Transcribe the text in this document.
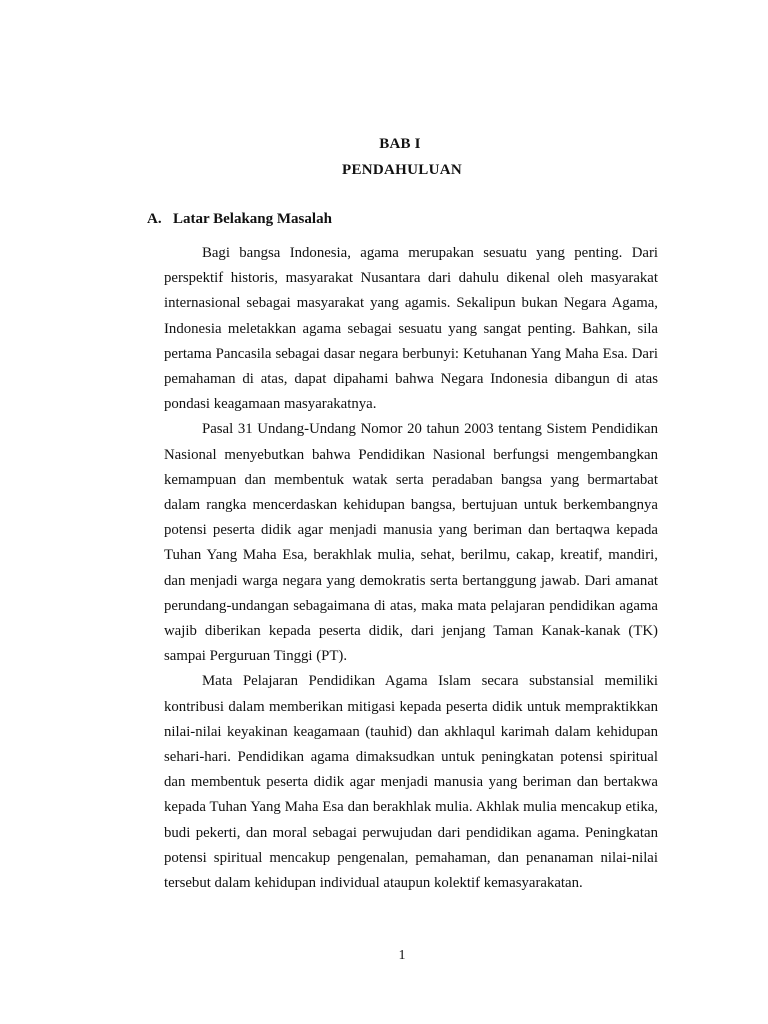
BAB I
PENDAHULUAN
A. Latar Belakang Masalah

Bagi bangsa Indonesia, agama merupakan sesuatu yang penting. Dari perspektif historis, masyarakat Nusantara dari dahulu dikenal oleh masyarakat internasional sebagai masyarakat yang agamis. Sekalipun bukan Negara Agama, Indonesia meletakkan agama sebagai sesuatu yang sangat penting. Bahkan, sila pertama Pancasila sebagai dasar negara berbunyi: Ketuhanan Yang Maha Esa. Dari pemahaman di atas, dapat dipahami bahwa Negara Indonesia dibangun di atas pondasi keagamaan masyarakatnya.

Pasal 31 Undang-Undang Nomor 20 tahun 2003 tentang Sistem Pendidikan Nasional menyebutkan bahwa Pendidikan Nasional berfungsi mengembangkan kemampuan dan membentuk watak serta peradaban bangsa yang bermartabat dalam rangka mencerdaskan kehidupan bangsa, bertujuan untuk berkembangnya potensi peserta didik agar menjadi manusia yang beriman dan bertaqwa kepada Tuhan Yang Maha Esa, berakhlak mulia, sehat, berilmu, cakap, kreatif, mandiri, dan menjadi warga negara yang demokratis serta bertanggung jawab. Dari amanat perundang-undangan sebagaimana di atas, maka mata pelajaran pendidikan agama wajib diberikan kepada peserta didik, dari jenjang Taman Kanak-kanak (TK) sampai Perguruan Tinggi (PT).

Mata Pelajaran Pendidikan Agama Islam secara substansial memiliki kontribusi dalam memberikan mitigasi kepada peserta didik untuk mempraktikkan nilai-nilai keyakinan keagamaan (tauhid) dan akhlaqul karimah dalam kehidupan sehari-hari. Pendidikan agama dimaksudkan untuk peningkatan potensi spiritual dan membentuk peserta didik agar menjadi manusia yang beriman dan bertakwa kepada Tuhan Yang Maha Esa dan berakhlak mulia. Akhlak mulia mencakup etika, budi pekerti, dan moral sebagai perwujudan dari pendidikan agama. Peningkatan potensi spiritual mencakup pengenalan, pemahaman, dan penanaman nilai-nilai tersebut dalam kehidupan individual ataupun kolektif kemasyarakatan.

1
